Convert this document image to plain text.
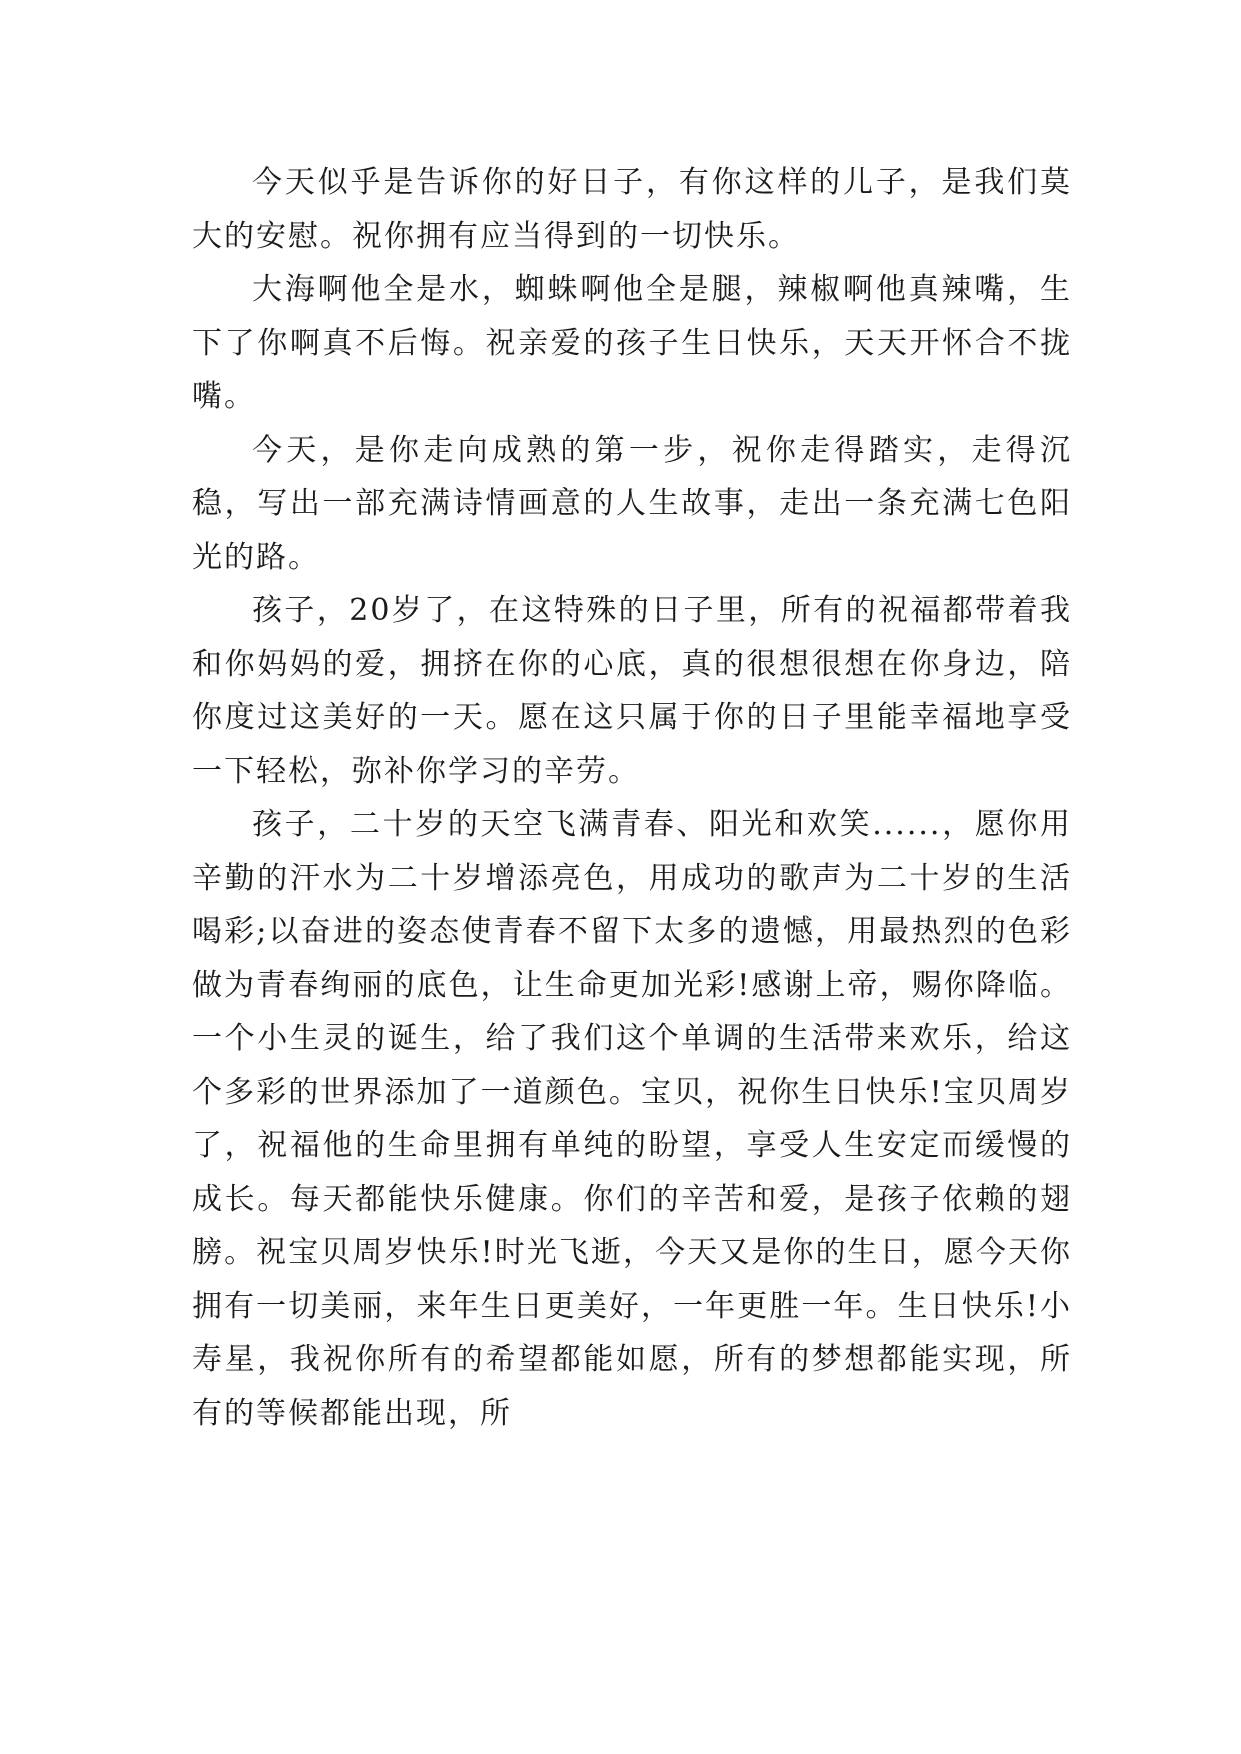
今天似乎是告诉你的好日子，有你这样的儿子，是我们莫大的安慰。祝你拥有应当得到的一切快乐。

大海啊他全是水，蜘蛛啊他全是腿，辣椒啊他真辣嘴，生下了你啊真不后悔。祝亲爱的孩子生日快乐，天天开怀合不拢嘴。

今天，是你走向成熟的第一步，祝你走得踏实，走得沉稳，写出一部充满诗情画意的人生故事，走出一条充满七色阳光的路。

孩子，20岁了，在这特殊的日子里，所有的祝福都带着我和你妈妈的爱，拥挤在你的心底，真的很想很想在你身边，陪你度过这美好的一天。愿在这只属于你的日子里能幸福地享受一下轻松，弥补你学习的辛劳。

孩子，二十岁的天空飞满青春、阳光和欢笑......，愿你用辛勤的汗水为二十岁增添亮色，用成功的歌声为二十岁的生活喝彩;以奋进的姿态使青春不留下太多的遗憾，用最热烈的色彩做为青春绚丽的底色，让生命更加光彩!感谢上帝，赐你降临。一个小生灵的诞生，给了我们这个单调的生活带来欢乐，给这个多彩的世界添加了一道颜色。宝贝，祝你生日快乐!宝贝周岁了，祝福他的生命里拥有单纯的盼望，享受人生安定而缓慢的成长。每天都能快乐健康。你们的辛苦和爱，是孩子依赖的翅膀。祝宝贝周岁快乐!时光飞逝，今天又是你的生日，愿今天你拥有一切美丽，来年生日更美好，一年更胜一年。生日快乐!小寿星，我祝你所有的希望都能如愿，所有的梦想都能实现，所有的等候都能出现，所
